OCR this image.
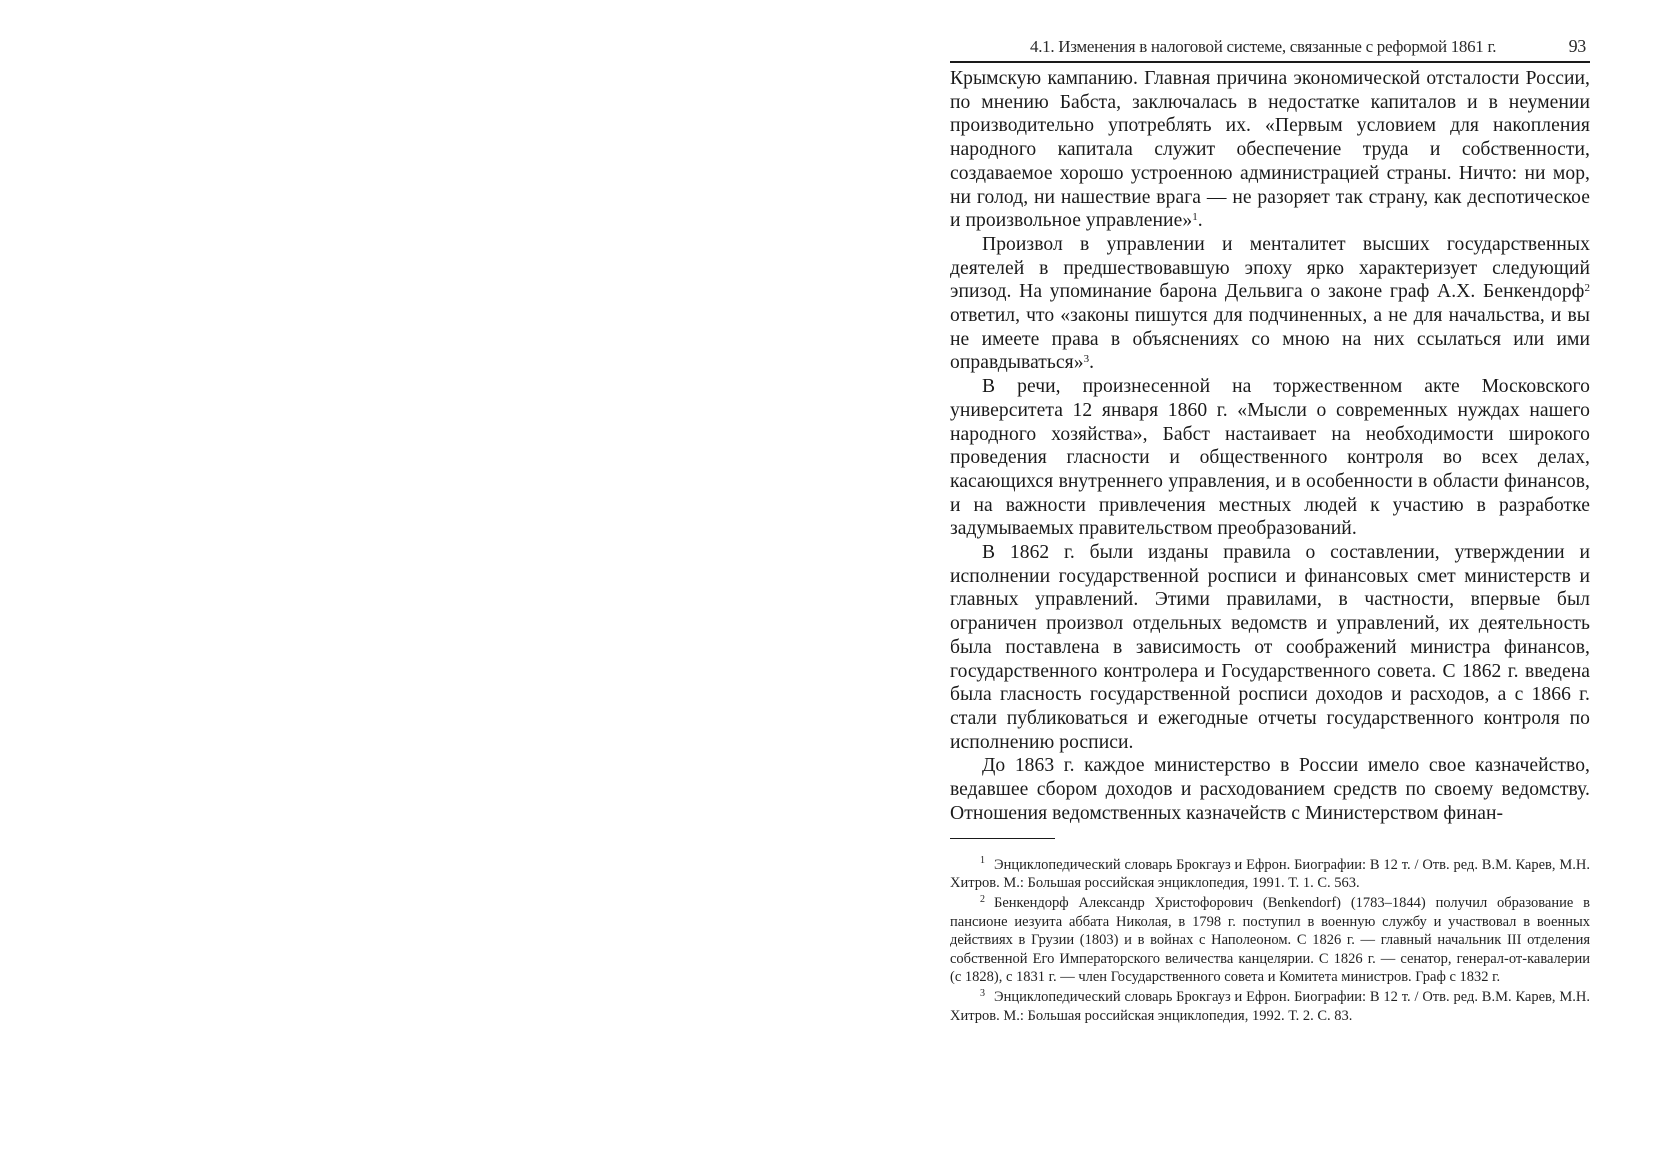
4.1. Изменения в налоговой системе, связанные с реформой 1861 г.	93

Крымскую кампанию. Главная причина экономической отсталости России, по мнению Бабста, заключалась в недостатке капиталов и в неумении производительно употреблять их. «Первым условием для накопления народного капитала служит обеспечение труда и собственности, создаваемое хорошо устроенною администрацией страны. Ничто: ни мор, ни голод, ни нашествие врага — не разоряет так страну, как деспотическое и произвольное управление»$^1$.

Произвол в управлении и менталитет высших государственных деятелей в предшествовавшую эпоху ярко характеризует следующий эпизод. На упоминание барона Дельвига о законе граф А.Х. Бенкендорф$^2$ ответил, что «законы пишутся для подчиненных, а не для начальства, и вы не имеете права в объяснениях со мною на них ссылаться или ими оправдываться»$^3$.

В речи, произнесенной на торжественном акте Московского университета 12 января 1860 г. «Мысли о современных нуждах нашего народного хозяйства», Бабст настаивает на необходимости широкого проведения гласности и общественного контроля во всех делах, касающихся внутреннего управления, и в особенности в области финансов, и на важности привлечения местных людей к участию в разработке задумываемых правительством преобразований.

В 1862 г. были изданы правила о составлении, утверждении и исполнении государственной росписи и финансовых смет министерств и главных управлений. Этими правилами, в частности, впервые был ограничен произвол отдельных ведомств и управлений, их деятельность была поставлена в зависимость от соображений министра финансов, государственного контролера и Государственного совета. С 1862 г. введена была гласность государственной росписи доходов и расходов, а с 1866 г. стали публиковаться и ежегодные отчеты государственного контроля по исполнению росписи.

До 1863 г. каждое министерство в России имело свое казначейство, ведавшее сбором доходов и расходованием средств по своему ведомству. Отношения ведомственных казначейств с Министерством финан-

$^1$ Энциклопедический словарь Брокгауз и Ефрон. Биографии: В 12 т. / Отв. ред. В.М. Карев, М.Н. Хитров. М.: Большая российская энциклопедия, 1991. Т. 1. С. 563.

$^2$ Бенкендорф Александр Христофорович (Benkendorf) (1783–1844) получил образование в пансионе иезуита аббата Николая, в 1798 г. поступил в военную службу и участвовал в военных действиях в Грузии (1803) и в войнах с Наполеоном. С 1826 г. — главный начальник III отделения собственной Его Императорского величества канцелярии. С 1826 г. — сенатор, генерал-от-кавалерии (с 1828), с 1831 г. — член Государственного совета и Комитета министров. Граф с 1832 г.

$^3$ Энциклопедический словарь Брокгауз и Ефрон. Биографии: В 12 т. / Отв. ред. В.М. Карев, М.Н. Хитров. М.: Большая российская энциклопедия, 1992. Т. 2. С. 83.
